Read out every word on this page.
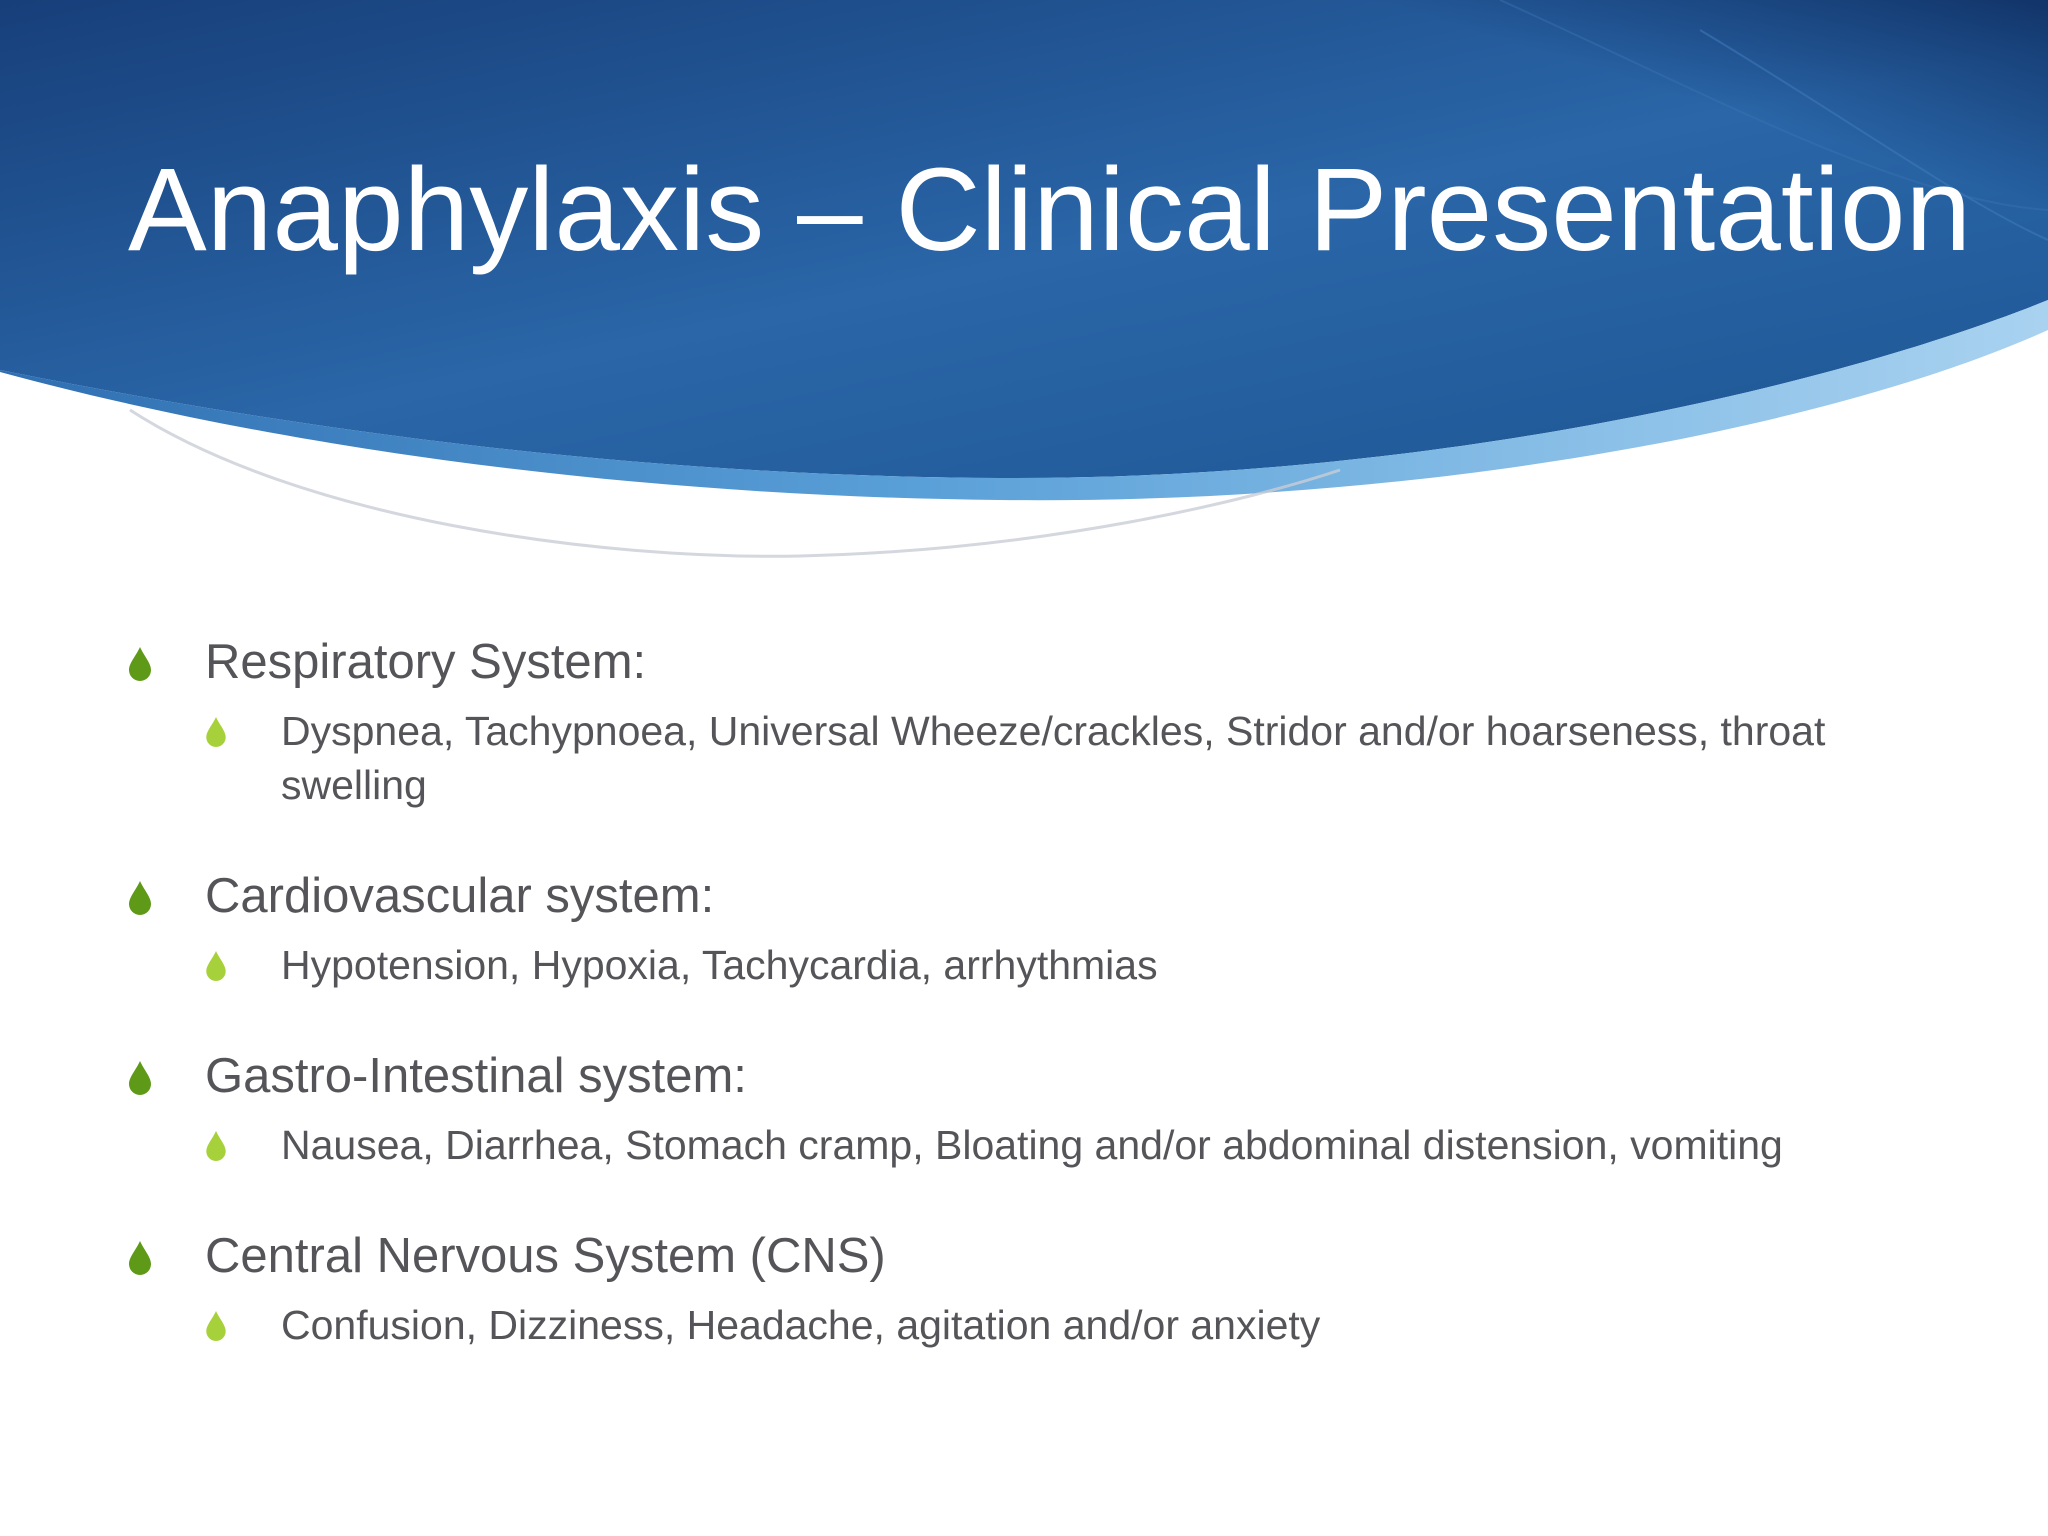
Anaphylaxis – Clinical Presentation
Respiratory System:
Dyspnea, Tachypnoea, Universal Wheeze/crackles, Stridor and/or hoarseness, throat swelling
Cardiovascular system:
Hypotension, Hypoxia, Tachycardia, arrhythmias
Gastro-Intestinal system:
Nausea, Diarrhea, Stomach cramp, Bloating and/or abdominal distension, vomiting
Central Nervous System (CNS)
Confusion, Dizziness, Headache, agitation and/or anxiety
